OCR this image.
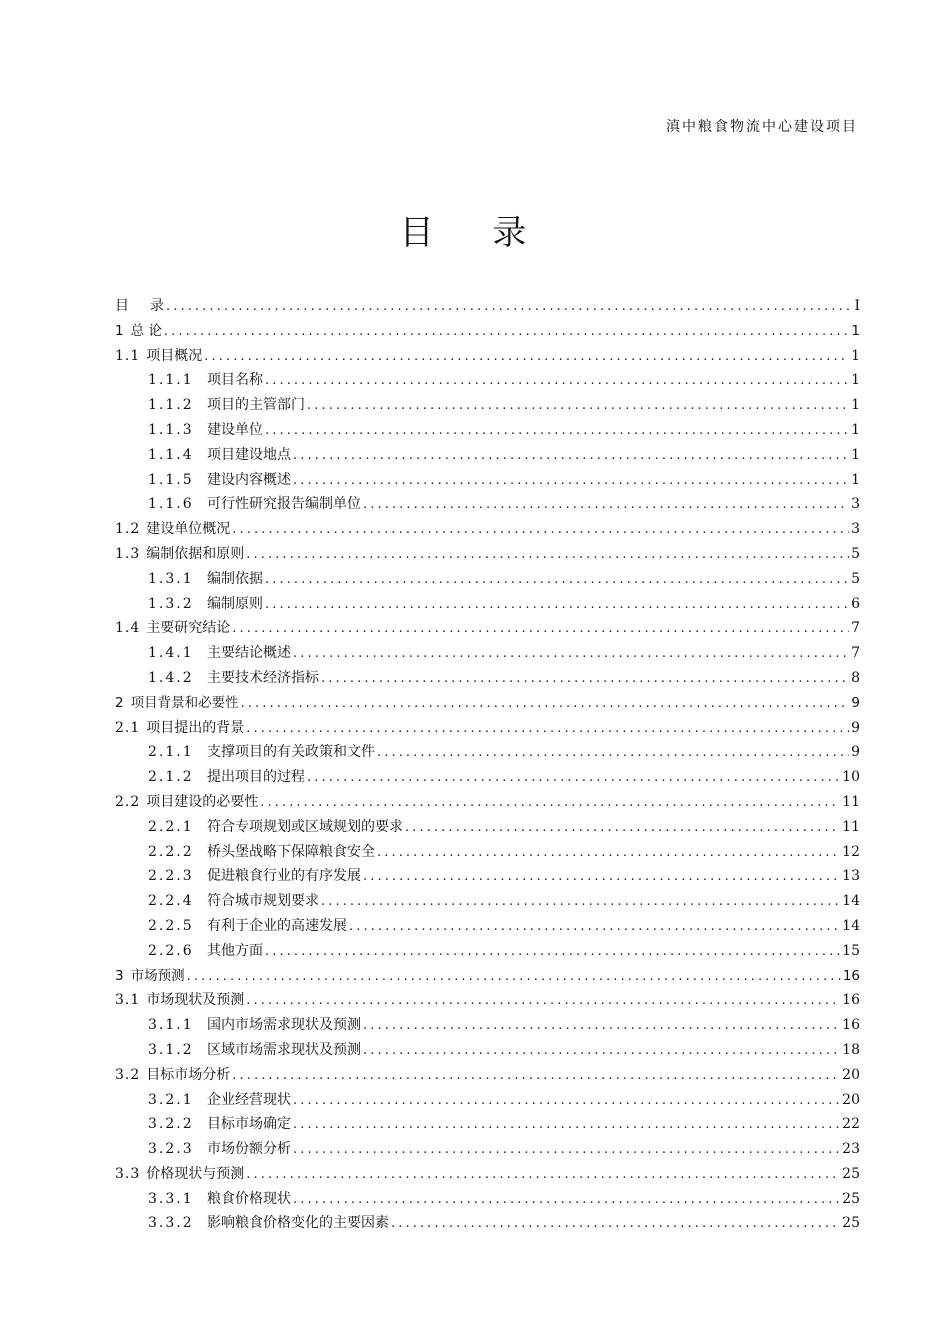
滇中粮食物流中心建设项目
目 录
目 录 .....	I
1 总 论 .....	1
1.1 项目概况 .....	1
1.1.1 项目名称 .....	1
1.1.2 项目的主管部门 .....	1
1.1.3 建设单位 .....	1
1.1.4 项目建设地点 .....	1
1.1.5 建设内容概述 .....	1
1.1.6 可行性研究报告编制单位 .....	3
1.2 建设单位概况 .....	3
1.3 编制依据和原则 .....	5
1.3.1 编制依据 .....	5
1.3.2 编制原则 .....	6
1.4 主要研究结论 .....	7
1.4.1 主要结论概述 .....	7
1.4.2 主要技术经济指标 .....	8
2 项目背景和必要性 .....	9
2.1 项目提出的背景 .....	9
2.1.1 支撑项目的有关政策和文件 .....	9
2.1.2 提出项目的过程 .....	10
2.2 项目建设的必要性 .....	11
2.2.1 符合专项规划或区域规划的要求 .....	11
2.2.2 桥头堡战略下保障粮食安全 .....	12
2.2.3 促进粮食行业的有序发展 .....	13
2.2.4 符合城市规划要求 .....	14
2.2.5 有利于企业的高速发展 .....	14
2.2.6 其他方面 .....	15
3 市场预测 .....	16
3.1 市场现状及预测 .....	16
3.1.1 国内市场需求现状及预测 .....	16
3.1.2 区域市场需求现状及预测 .....	18
3.2 目标市场分析 .....	20
3.2.1 企业经营现状 .....	20
3.2.2 目标市场确定 .....	22
3.2.3 市场份额分析 .....	23
3.3 价格现状与预测 .....	25
3.3.1 粮食价格现状 .....	25
3.3.2 影响粮食价格变化的主要因素 .....	25
